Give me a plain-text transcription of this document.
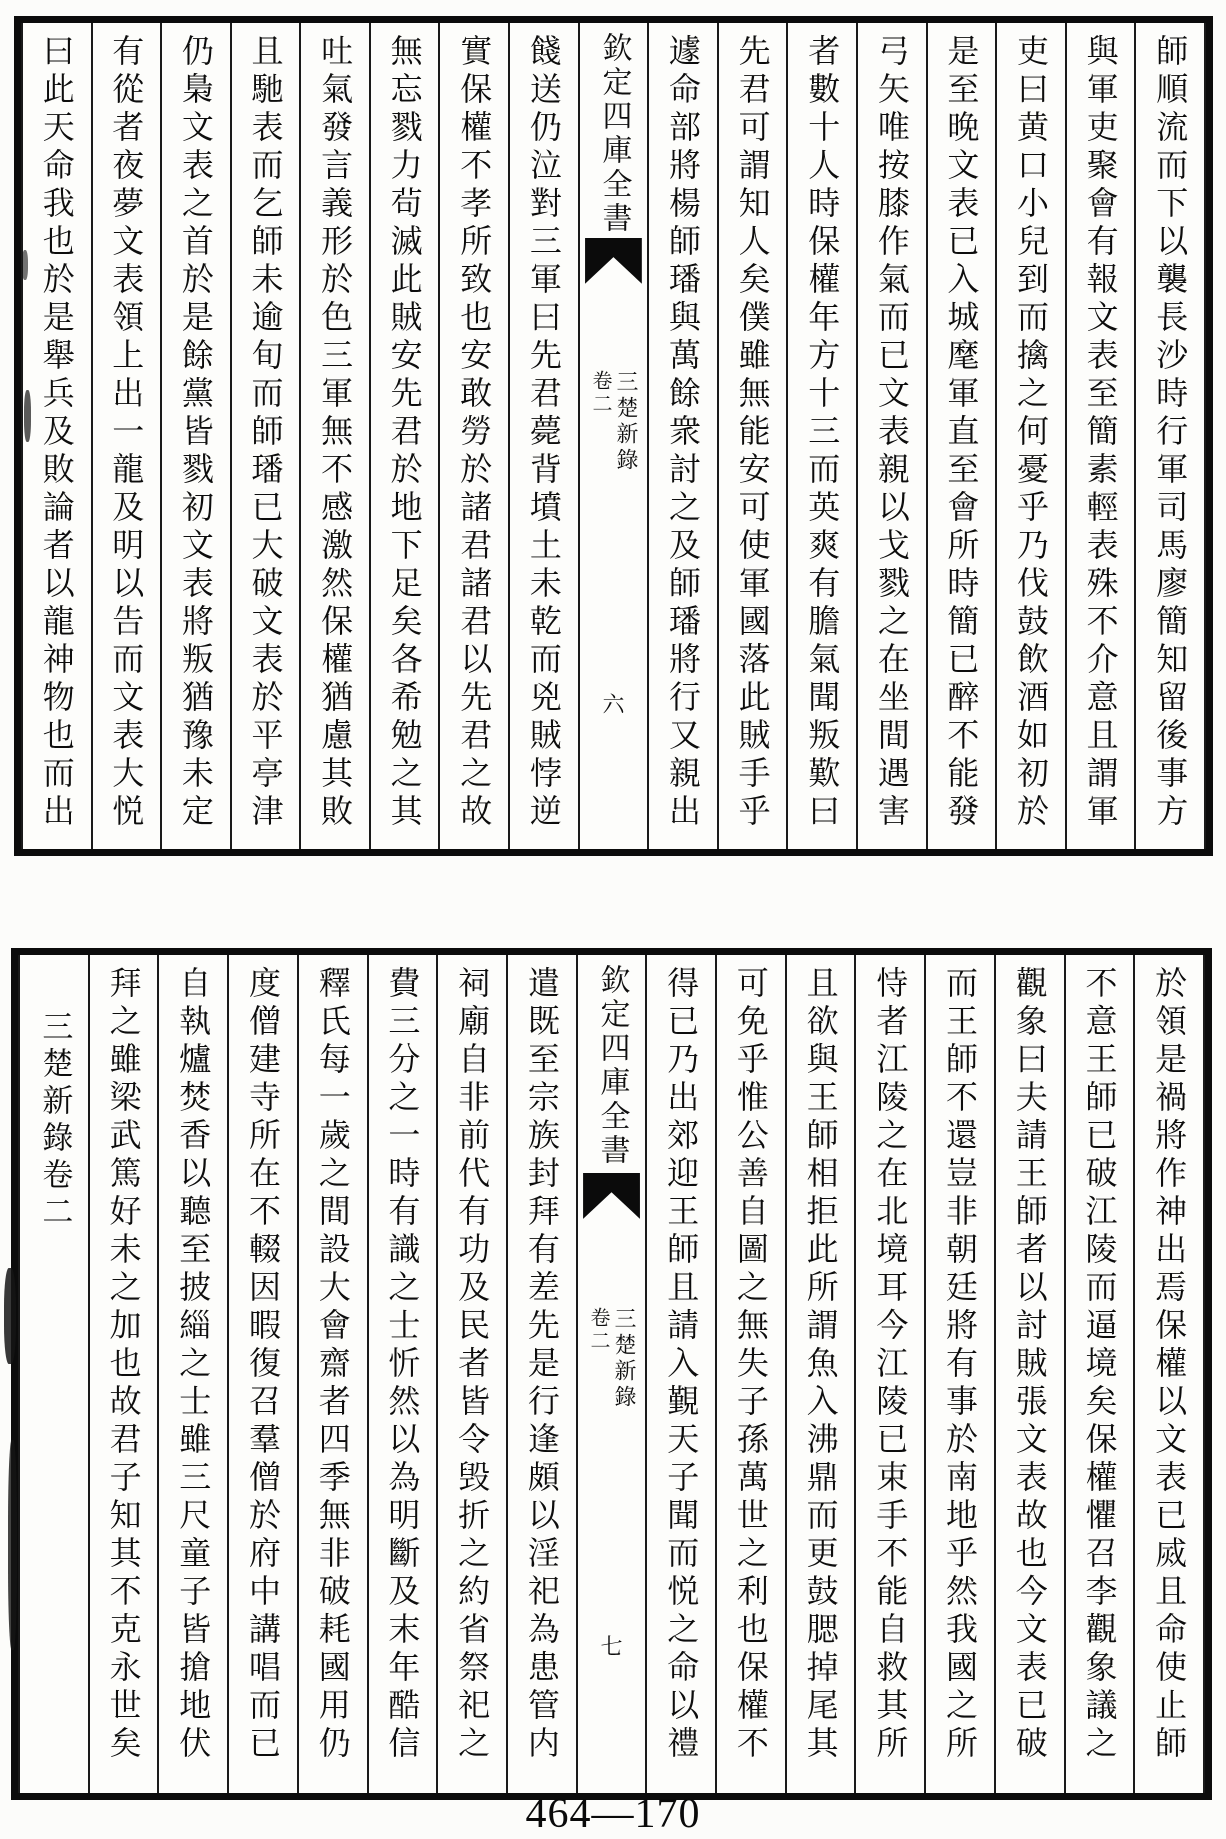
師順流而下以襲長沙時行軍司馬廖簡知留後事方
與軍吏聚會有報文表至簡素輕表殊不介意且謂軍
吏曰黄口小兒到而擒之何憂乎乃伐鼓飲酒如初於
是至晚文表已入城麾軍直至會所時簡已醉不能發
弓矢唯按膝作氣而已文表親以戈戮之在坐間遇害
者數十人時保權年方十三而英爽有膽氣聞叛歎曰
先君可謂知人矣僕雖無能安可使軍國落此賊手乎
遽命部將楊師璠與萬餘衆討之及師璠將行又親出
欽定四庫全書
三楚新錄
卷二
六
餞送仍泣對三軍曰先君薨背墳土未乾而兇賊悖逆
實保權不孝所致也安敢勞於諸君諸君以先君之故
無忘戮力茍滅此賊安先君於地下足矣各希勉之其
吐氣發言義形於色三軍無不感激然保權猶慮其敗
且馳表而乞師未逾旬而師璠已大破文表於平亭津
仍梟文表之首於是餘黨皆戮初文表將叛猶豫未定
有從者夜夢文表領上出一龍及明以告而文表大悦
曰此天命我也於是舉兵及敗論者以龍神物也而出
於領是禍將作神出焉保權以文表已烕且命使止師
不意王師已破江陵而逼境矣保權懼召李觀象議之
觀象曰夫請王師者以討賊張文表故也今文表已破
而王師不還豈非朝廷將有事於南地乎然我國之所
恃者江陵之在北境耳今江陵已束手不能自救其所
且欲與王師相拒此所謂魚入沸鼎而更鼓腮掉尾其
可免乎惟公善自圖之無失子孫萬世之利也保權不
得已乃出郊迎王師且請入覲天子聞而悦之命以禮
欽定四庫全書
三楚新錄
卷二
七
遣既至宗族封拜有差先是行逢頗以淫祀為患管内
祠廟自非前代有功及民者皆令毁折之約省祭祀之
費三分之一時有識之士忻然以為明斷及末年酷信
釋氏每一歲之間設大會齋者四季無非破耗國用仍
度僧建寺所在不輟因暇復召羣僧於府中講唱而已
自執爐焚香以聽至披緇之士雖三尺童子皆搶地伏
拜之雖梁武篤好未之加也故君子知其不克永世矣
三楚新錄卷二
464—170
